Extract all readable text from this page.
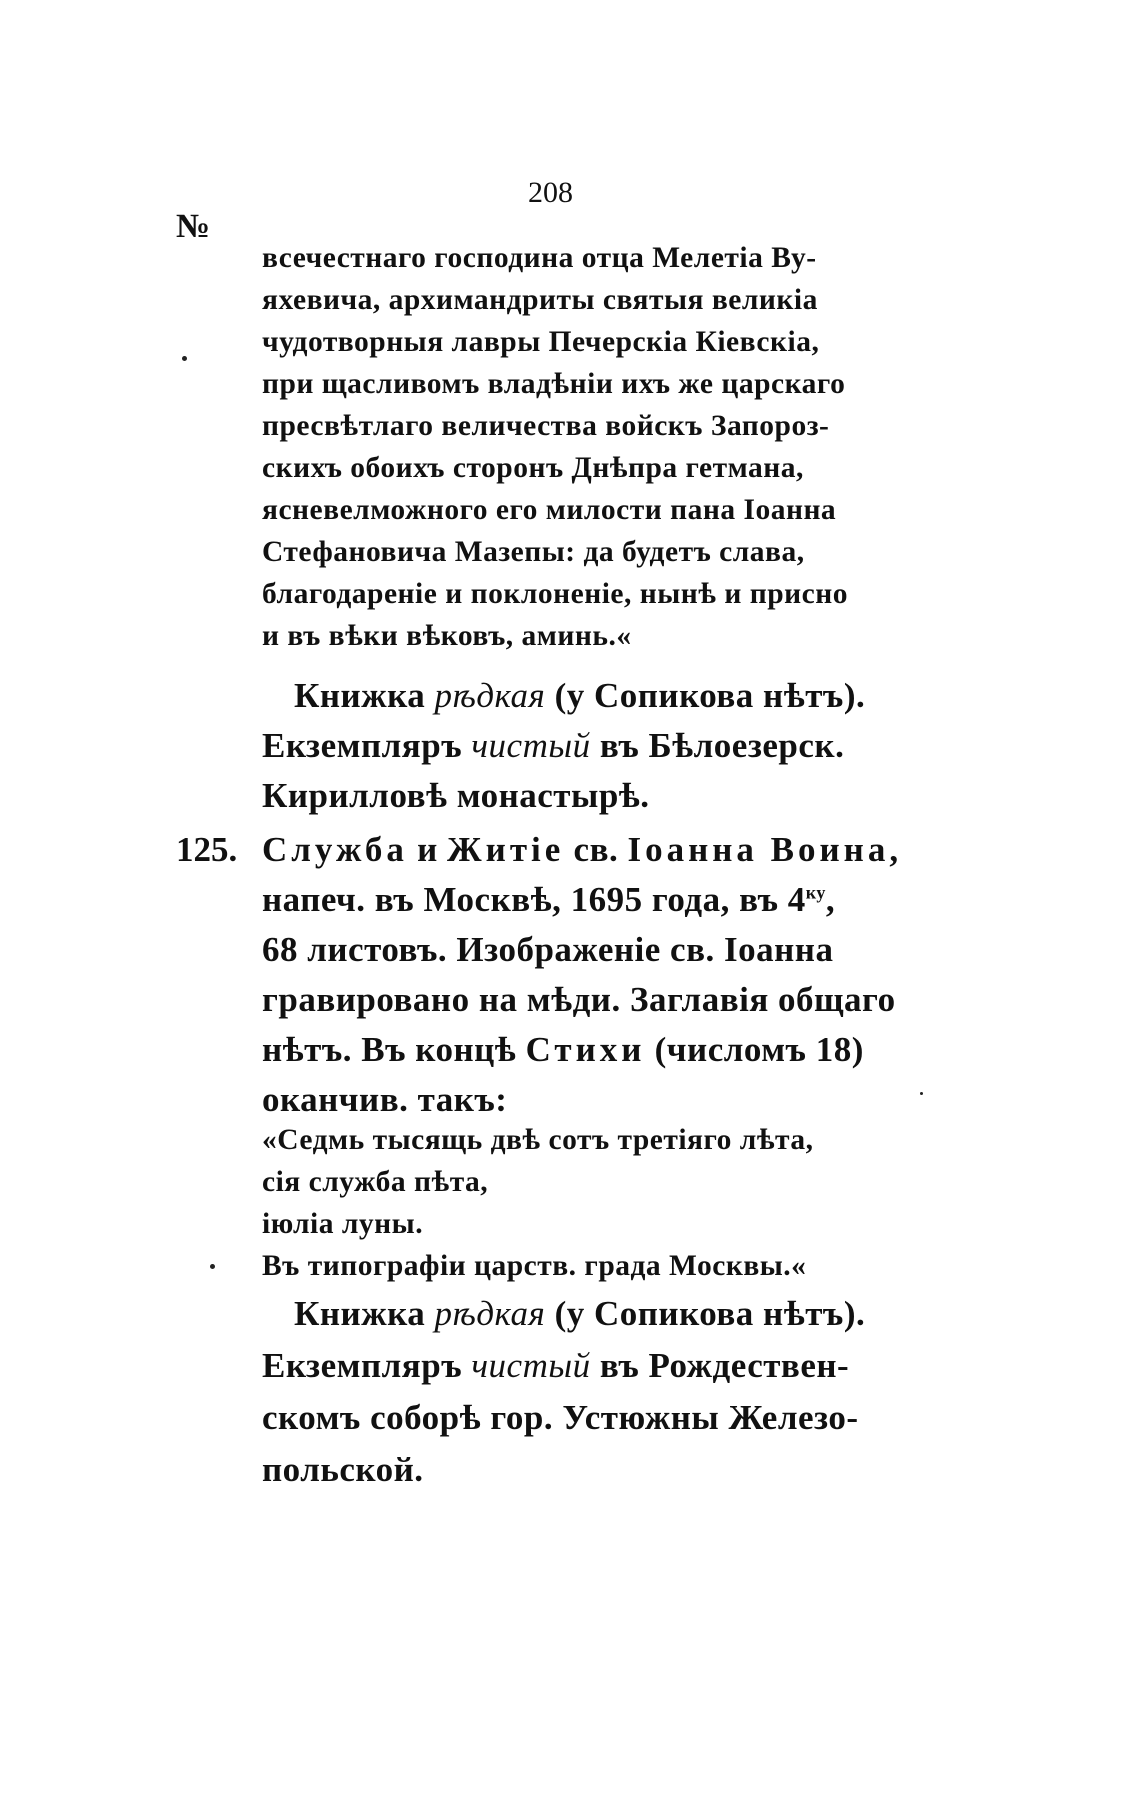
208
№
всечестнаго господина отца Мелетіа Ву-
яхевича, архимандриты святыя великіа
чудотворныя лавры Печерскіа Кіевскіа,
при щасливомъ владѣніи ихъ же царскаго
пресвѣтлаго величества войскъ Запороз-
скихъ обоихъ сторонъ Днѣпра гетмана,
ясневелможного его милости пана Іоанна
Стефановича Мазепы: да будетъ слава,
благодареніе и поклоненіе, нынѣ и присно
и въ вѣки вѣковъ, аминь.«
Книжка рѣдкая (у Сопикова нѣтъ).
Екземпляръ чистый въ Бѣлоезерск.
Кирилловѣ монастырѣ.
125. Служба и Житіе св. Іоанна Воина,
напеч. въ Москвѣ, 1695 года, въ $4^{ку}$,
68 листовъ. Изображеніе св. Іоанна
гравировано на мѣди. Заглавія общаго
нѣтъ. Въ концѣ Стихи (числомъ 18)
оканчив. такъ:
«Седмь тысящь двѣ сотъ третіяго лѣта,
сія служба пѣта,
іюліа луны.
Въ типографіи царств. града Москвы.«
Книжка рѣдкая (у Сопикова нѣтъ).
Екземпляръ чистый въ Рождествен-
скомъ соборѣ гор. Устюжны Железо-
польской.
